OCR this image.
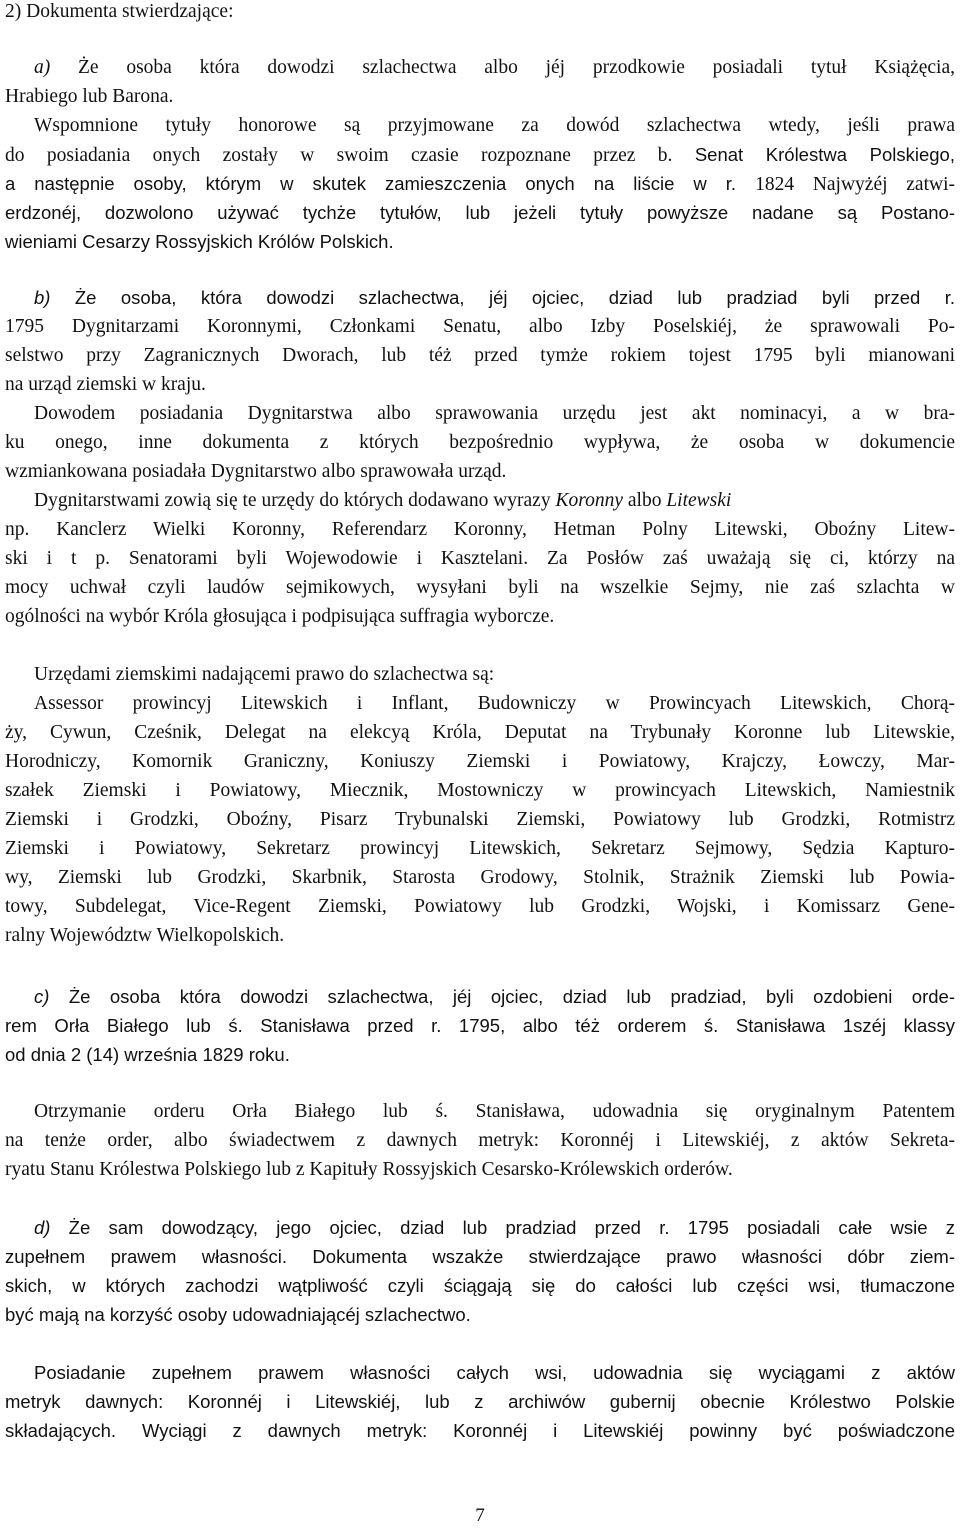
2) Dokumenta stwierdzające:
a) Że osoba która dowodzi szlachectwa albo jéj przodkowie posiadali tytuł Książęcia,
Hrabiego lub Barona.
Wspomnione tytuły honorowe są przyjmowane za dowód szlachectwa wtedy, jeśli prawa
do posiadania onych zostały w swoim czasie rozpoznane przez b. Senat Królestwa Polskiego,
a następnie osoby, którym w skutek zamieszczenia onych na liście w r. 1824 Najwyżéj zatwi-
erdzonéj, dozwolono używać tychże tytułów, lub jeżeli tytuły powyższe nadane są Postano-
wieniami Cesarzy Rossyjskich Królów Polskich.
b) Że osoba, która dowodzi szlachectwa, jéj ojciec, dziad lub pradziad byli przed r.
1795 Dygnitarzami Koronnymi, Członkami Senatu, albo Izby Poselskiéj, że sprawowali Po-
selstwo przy Zagranicznych Dworach, lub téż przed tymże rokiem tojest 1795 byli mianowani
na urząd ziemski w kraju.
Dowodem posiadania Dygnitarstwa albo sprawowania urzędu jest akt nominacyi, a w bra-
ku onego, inne dokumenta z których bezpośrednio wypływa, że osoba w dokumencie
wzmiankowana posiadała Dygnitarstwo albo sprawowała urząd.
Dygnitarstwami zowią się te urzędy do których dodawano wyrazy Koronny albo Litewski
np. Kanclerz Wielki Koronny, Referendarz Koronny, Hetman Polny Litewski, Oboźny Litew-
ski i t p. Senatorami byli Wojewodowie i Kasztelani. Za Posłów zaś uważają się ci, którzy na
mocy uchwał czyli laudów sejmikowych, wysyłani byli na wszelkie Sejmy, nie zaś szlachta w
ogólności na wybór Króla głosująca i podpisująca suffragia wyborcze.
Urzędami ziemskimi nadającemi prawo do szlachectwa są:
Assessor prowincyj Litewskich i Inflant, Budowniczy w Prowincyach Litewskich, Chorą-
ży, Cywun, Cześnik, Delegat na elekcyą Króla, Deputat na Trybunały Koronne lub Litewskie,
Horodniczy, Komornik Graniczny, Koniuszy Ziemski i Powiatowy, Krajczy, Łowczy, Mar-
szałek Ziemski i Powiatowy, Miecznik, Mostowniczy w prowincyach Litewskich, Namiestnik
Ziemski i Grodzki, Oboźny, Pisarz Trybunalski Ziemski, Powiatowy lub Grodzki, Rotmistrz
Ziemski i Powiatowy, Sekretarz prowincyj Litewskich, Sekretarz Sejmowy, Sędzia Kapturo-
wy, Ziemski lub Grodzki, Skarbnik, Starosta Grodowy, Stolnik, Strażnik Ziemski lub Powia-
towy, Subdelegat, Vice-Regent Ziemski, Powiatowy lub Grodzki, Wojski, i Komissarz Gene-
ralny Województw Wielkopolskich.
c) Że osoba która dowodzi szlachectwa, jéj ojciec, dziad lub pradziad, byli ozdobieni orde-
rem Orła Białego lub ś. Stanisława przed r. 1795, albo téż orderem ś. Stanisława 1széj klassy
od dnia 2 (14) września 1829 roku.
Otrzymanie orderu Orła Białego lub ś. Stanisława, udowadnia się oryginalnym Patentem
na tenże order, albo świadectwem z dawnych metryk: Koronnéj i Litewskiéj, z aktów Sekreta-
ryatu Stanu Królestwa Polskiego lub z Kapituły Rossyjskich Cesarsko-Królewskich orderów.
d) Że sam dowodzący, jego ojciec, dziad lub pradziad przed r. 1795 posiadali całe wsie z
zupełnem prawem własności. Dokumenta wszakże stwierdzające prawo własności dóbr ziem-
skich, w których zachodzi wątpliwość czyli ściągają się do całości lub części wsi, tłumaczone
być mają na korzyść osoby udowadniającéj szlachectwo.
Posiadanie zupełnem prawem własności całych wsi, udowadnia się wyciągami z aktów
metryk dawnych: Koronnéj i Litewskiéj, lub z archiwów gubernij obecnie Królestwo Polskie
składających. Wyciągi z dawnych metryk: Koronnéj i Litewskiéj powinny być poświadczone
7
